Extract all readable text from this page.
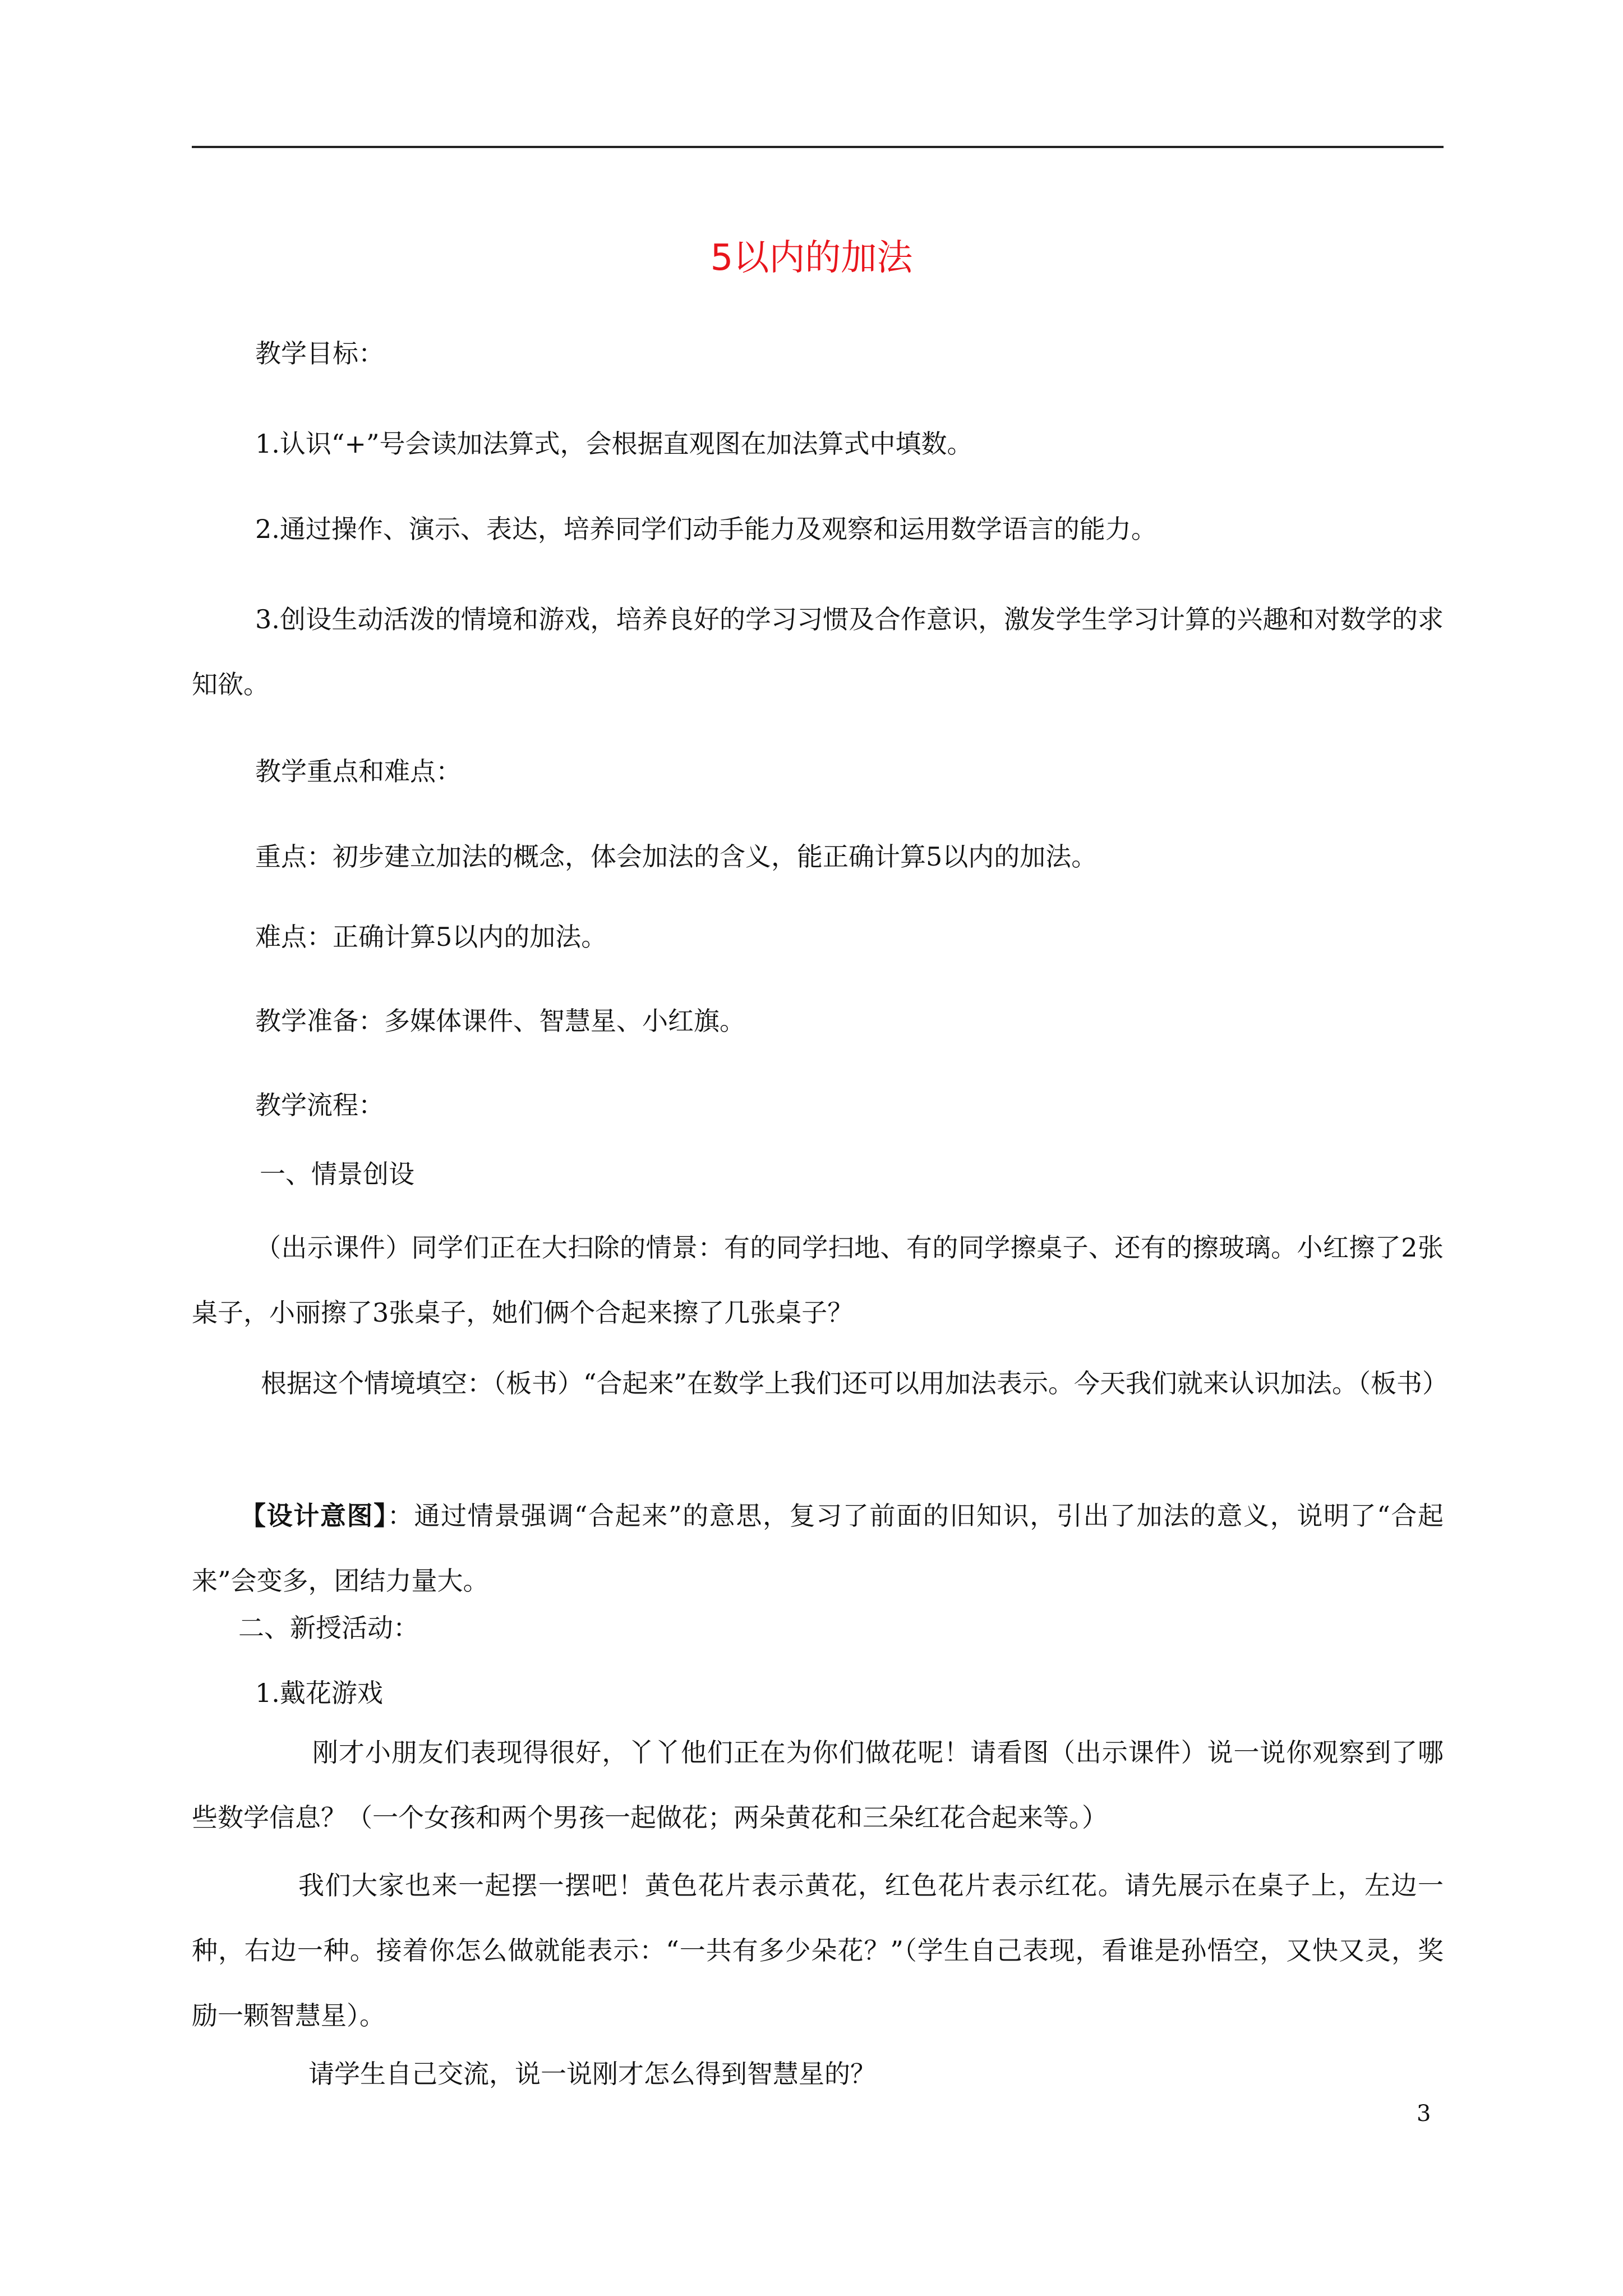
5以内的加法
教学目标：
1.认识“+”号会读加法算式，会根据直观图在加法算式中填数。
2.通过操作、演示、表达，培养同学们动手能力及观察和运用数学语言的能力。
3.创设生动活泼的情境和游戏，培养良好的学习习惯及合作意识，激发学生学习计算的兴趣和对数学的求知欲。
教学重点和难点：
重点：初步建立加法的概念，体会加法的含义，能正确计算5以内的加法。
难点：正确计算5以内的加法。
教学准备：多媒体课件、智慧星、小红旗。
教学流程：
一、情景创设
（出示课件）同学们正在大扫除的情景：有的同学扫地、有的同学擦桌子、还有的擦玻璃。小红擦了2张桌子，小丽擦了3张桌子，她们俩个合起来擦了几张桌子？
根据这个情境填空：（板书）“合起来”在数学上我们还可以用加法表示。今天我们就来认识加法。（板书）
【设计意图】：通过情景强调“合起来”的意思，复习了前面的旧知识，引出了加法的意义，说明了“合起来”会变多，团结力量大。
二、新授活动：
1.戴花游戏
刚才小朋友们表现得很好，丫丫他们正在为你们做花呢！请看图（出示课件）说一说你观察到了哪些数学信息？（一个女孩和两个男孩一起做花；两朵黄花和三朵红花合起来等。）
我们大家也来一起摆一摆吧！黄色花片表示黄花，红色花片表示红花。请先展示在桌子上，左边一种，右边一种。接着你怎么做就能表示：“一共有多少朵花？”（学生自己表现，看谁是孙悟空，又快又灵，奖励一颗智慧星）。
请学生自己交流，说一说刚才怎么得到智慧星的？
3
